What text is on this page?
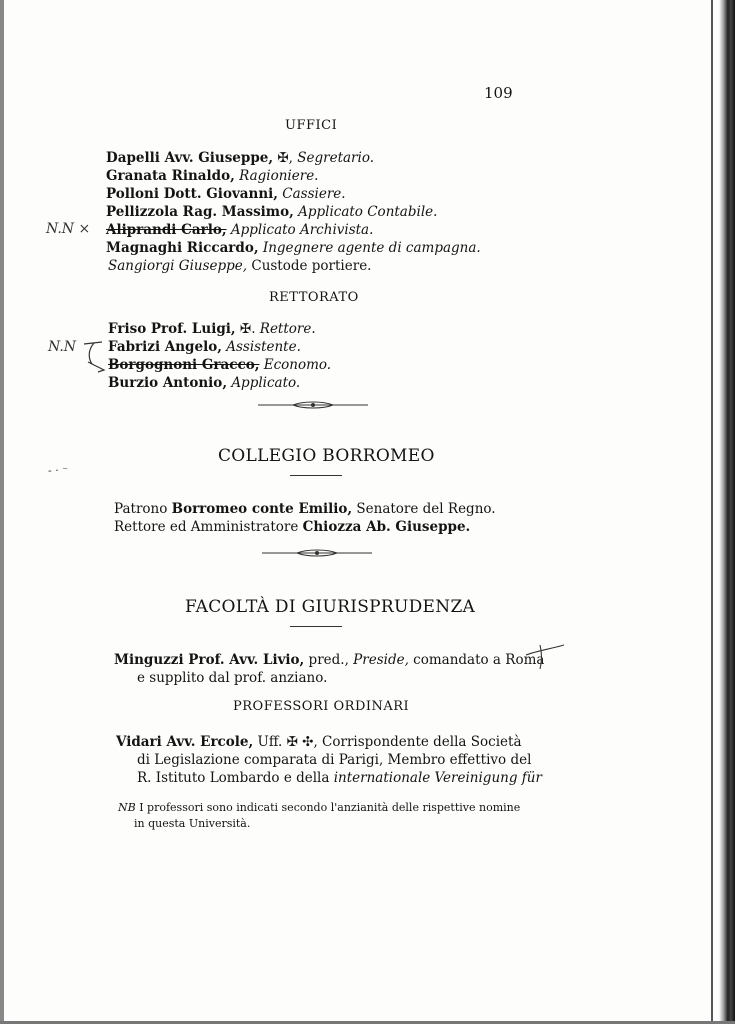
109
UFFICI
Dapelli Avv. Giuseppe, ✠, Segretario.
Granata Rinaldo, Ragioniere.
Polloni Dott. Giovanni, Cassiere.
Pellizzola Rag. Massimo, Applicato Contabile.
N.N × Aliprandi Carlo, Applicato Archivista.
Magnaghi Riccardo, Ingegnere agente di campagna.
Sangiorgi Giuseppe, Custode portiere.
RETTORATO
Friso Prof. Luigi, ✠. Rettore.
N.N Fabrizi Angelo, Assistente.
Borgognoni Gracco, Economo.
Burzio Antonio, Applicato.
COLLEGIO BORROMEO
- · ⁻
Patrono Borromeo conte Emilio, Senatore del Regno.
Rettore ed Amministratore Chiozza Ab. Giuseppe.
FACOLTÀ DI GIURISPRUDENZA
Minguzzi Prof. Avv. Livio, pred., Preside, comandato a Roma
e supplito dal prof. anziano.
PROFESSORI ORDINARI
Vidari Avv. Ercole, Uff. ✠ ✣, Corrispondente della Società
di Legislazione comparata di Parigi, Membro effettivo del
R. Istituto Lombardo e della internationale Vereinigung für
NB I professori sono indicati secondo l'anzianità delle rispettive nomine
in questa Università.
